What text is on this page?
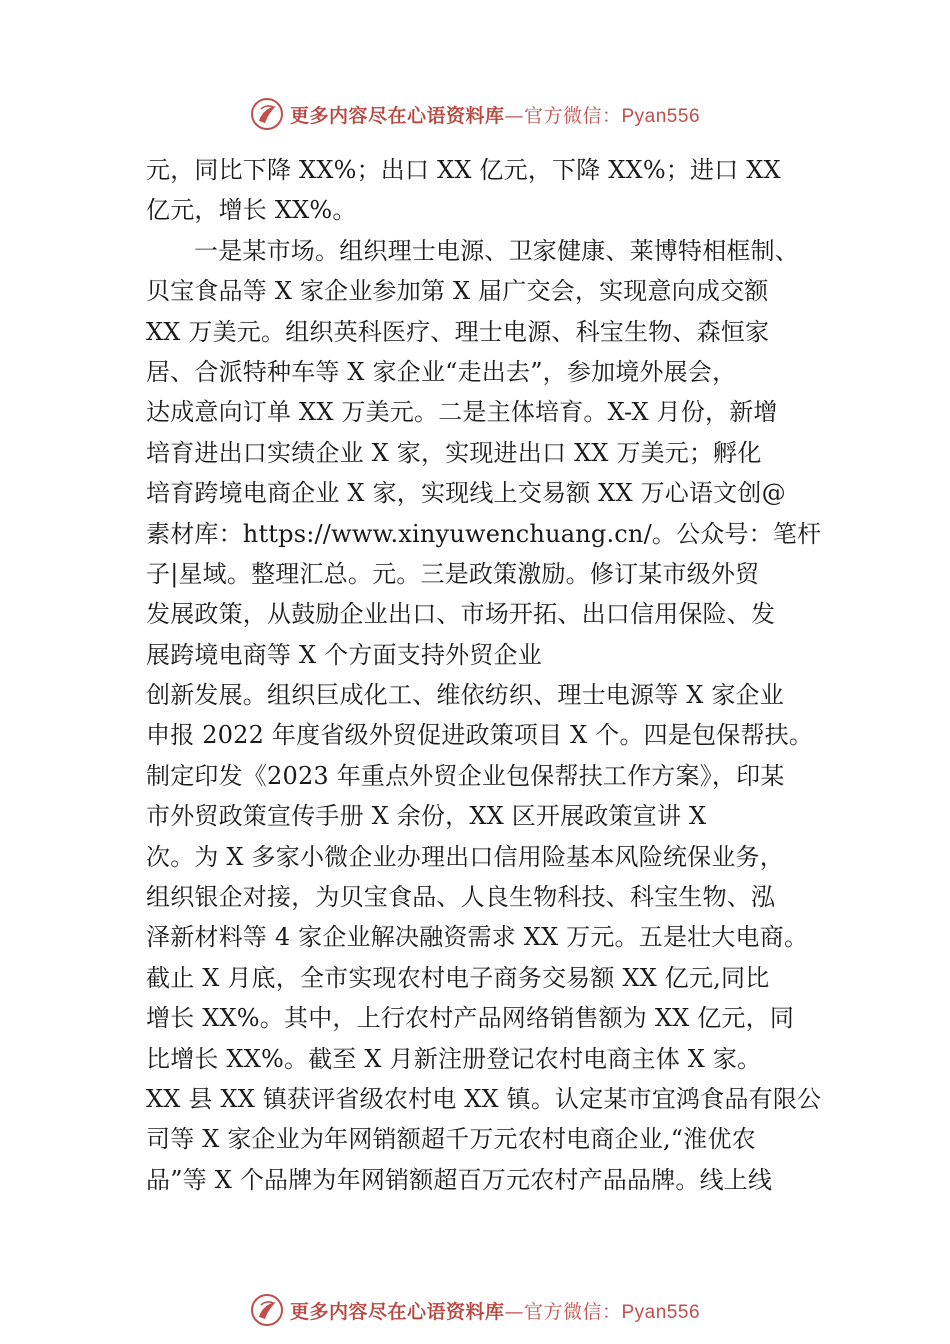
更多内容尽在心语资料库—官方微信：Pyan556
元，同比下降 XX%；出口 XX 亿元，下降 XX%；进口 XX
亿元，增长 XX%。
一是某市场。组织理士电源、卫家健康、莱博特相框制、
贝宝食品等 X 家企业参加第 X 届广交会，实现意向成交额
XX 万美元。组织英科医疗、理士电源、科宝生物、森恒家
居、合派特种车等 X 家企业“走出去”，参加境外展会，
达成意向订单 XX 万美元。二是主体培育。X-X 月份，新增
培育进出口实绩企业 X 家，实现进出口 XX 万美元；孵化
培育跨境电商企业 X 家，实现线上交易额 XX 万心语文创@
素材库：https://www.xinyuwenchuang.cn/。公众号：笔杆
子|星域。整理汇总。元。三是政策激励。修订某市级外贸
发展政策，从鼓励企业出口、市场开拓、出口信用保险、发
展跨境电商等 X 个方面支持外贸企业
创新发展。组织巨成化工、维依纺织、理士电源等 X 家企业
申报 2022 年度省级外贸促进政策项目 X 个。四是包保帮扶。
制定印发《2023 年重点外贸企业包保帮扶工作方案》，印某
市外贸政策宣传手册 X 余份，XX 区开展政策宣讲 X
次。为 X 多家小微企业办理出口信用险基本风险统保业务，
组织银企对接，为贝宝食品、人良生物科技、科宝生物、泓
泽新材料等 4 家企业解决融资需求 XX 万元。五是壮大电商。
截止 X 月底，全市实现农村电子商务交易额 XX 亿元,同比
增长 XX%。其中，上行农村产品网络销售额为 XX 亿元，同
比增长 XX%。截至 X 月新注册登记农村电商主体 X 家。
XX 县 XX 镇获评省级农村电 XX 镇。认定某市宜鸿食品有限公
司等 X 家企业为年网销额超千万元农村电商企业,“淮优农
品”等 X 个品牌为年网销额超百万元农村产品品牌。线上线
更多内容尽在心语资料库—官方微信：Pyan556
